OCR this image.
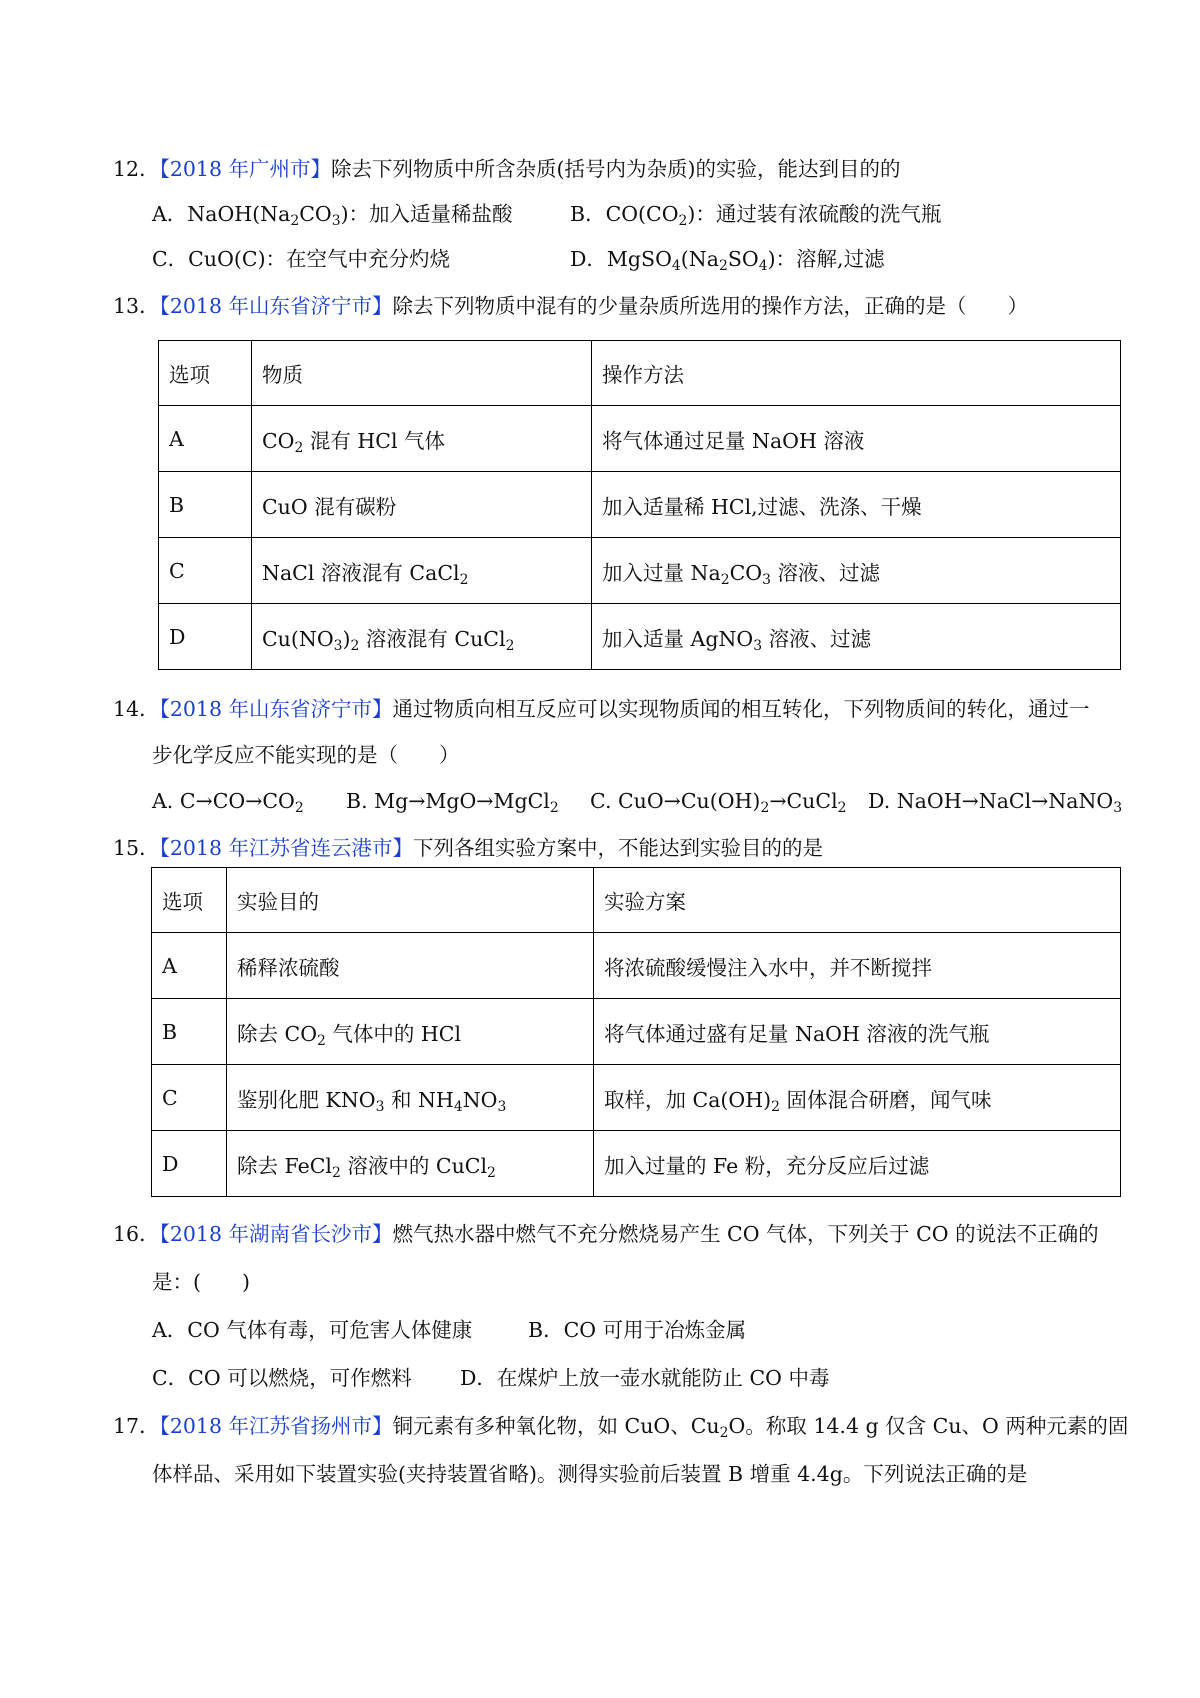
12．【2018 年广州市】除去下列物质中所含杂质(括号内为杂质)的实验，能达到目的的
A．$NaOH(Na_2CO_3)$：加入适量稀盐酸	B．$CO(CO_2)$：通过装有浓硫酸的洗气瓶
C．CuO(C)：在空气中充分灼烧	D．$MgSO_4(Na_2SO_4)$：溶解,过滤
13．【2018 年山东省济宁市】除去下列物质中混有的少量杂质所选用的操作方法，正确的是（　　）
选项	物质	操作方法
A	$CO_2$ 混有 HCl 气体	将气体通过足量 NaOH 溶液
B	CuO 混有碳粉	加入适量稀 HCl,过滤、洗涤、干燥
C	NaCl 溶液混有 CaCl$_2$	加入过量 $Na_2CO_3$ 溶液、过滤
D	$Cu(NO_3)_2$ 溶液混有 CuCl$_2$	加入适量 AgNO$_3$ 溶液、过滤
14．【2018 年山东省济宁市】通过物质向相互反应可以实现物质闻的相互转化，下列物质间的转化，通过一
步化学反应不能实现的是（　　）
A. $C\to CO\to CO_2$ B. Mg→MgO→MgCl$_2$ C. $CuO\to Cu(OH)_2\to CuCl_2$ D. NaOH→NaCl→NaNO$_3$
15．【2018 年江苏省连云港市】下列各组实验方案中，不能达到实验目的的是
选项	实验目的	实验方案
A	稀释浓硫酸	将浓硫酸缓慢注入水中，并不断搅拌
B	除去 $CO_2$ 气体中的 HCl	将气体通过盛有足量 NaOH 溶液的洗气瓶
C	鉴别化肥 $KNO_3$ 和 $NH_4NO_3$	取样，加 $Ca(OH)_2$ 固体混合研磨，闻气味
D	除去 FeCl$_2$ 溶液中的 CuCl$_2$	加入过量的 Fe 粉，充分反应后过滤
16．【2018 年湖南省长沙市】燃气热水器中燃气不充分燃烧易产生 CO 气体，下列关于 CO 的说法不正确的
是：(　　)
A．CO 气体有毒，可危害人体健康	B．CO 可用于冶炼金属
C．CO 可以燃烧，可作燃料 D．在煤炉上放一壶水就能防止 CO 中毒
17．【2018 年江苏省扬州市】铜元素有多种氧化物，如 CuO、$Cu_2O$。称取 14.4 g 仅含 Cu、O 两种元素的固
体样品、采用如下装置实验(夹持装置省略)。测得实验前后装置 B 增重 4.4g。下列说法正确的是
